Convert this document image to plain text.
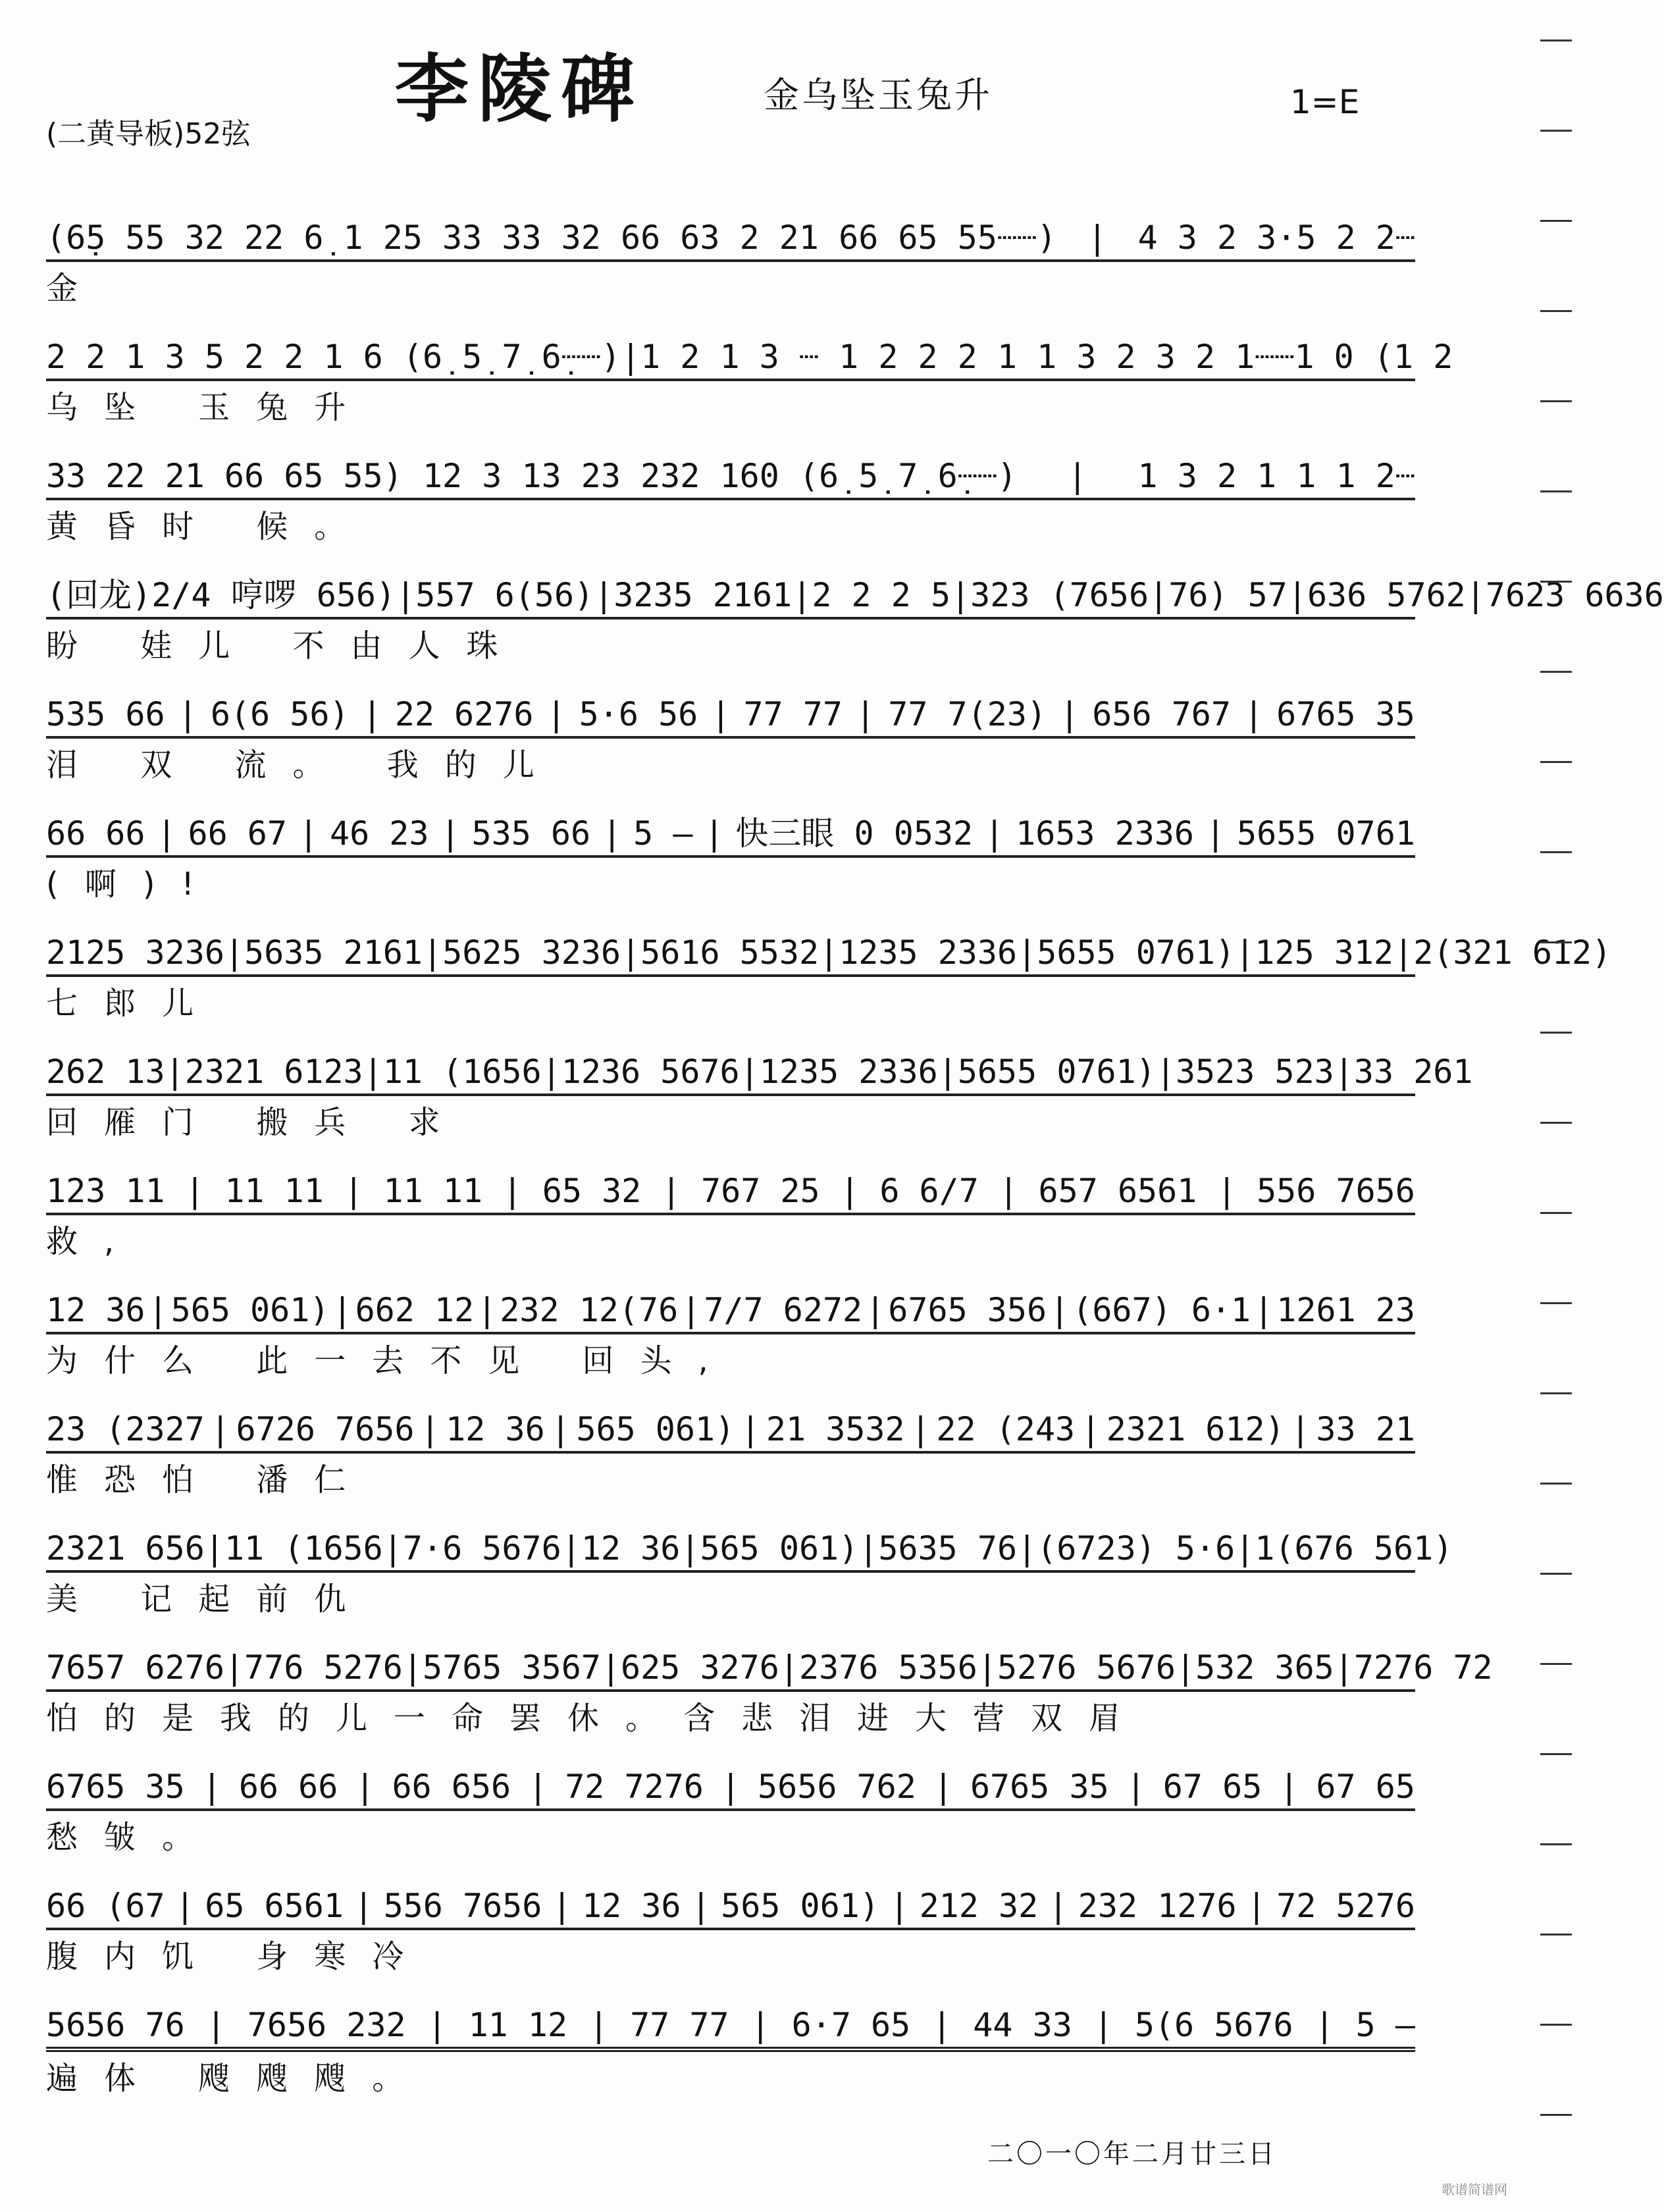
李陵碑	金乌坠玉兔升	1=E
(二黄导板)52弦
(6̣5 55 32 22 6̣ 1 25 33 33 32 66 63 2 21 66 65 55┈┈) | 4 3 2 3·5 2 2┈
金
2 2 1 3 5 2 2 1 6 (6̣ 5̣ 7̣ 6̣┈┈) | 1 2 1 3 ┈ 1 2 2 2 1 1 3 2 3 2 1┈┈1 0 (1 2
乌坠 玉兔升
33 22 21 66 65 55) 12 3 13 23 232 160 (6̣ 5̣ 7̣ 6̣┈┈) | 1 3 2 1 1 1 2┈
黄昏时 候。
(回龙)2/4 哼啰 656) | 557 6(56) | 3235 2161 | 2 2 2 5 | 323 (7656 | 76) 57 | 636 5762 | 7623 6636
盼 娃儿 不由人珠
535 66 | 6(6 56) | 22 6276 | 5·6 56 | 77 77 | 77 7(23) | 656 767 | 6765 35
泪 双 流。 我的儿
66 66 | 66 67 | 46 23 | 535 66 | 5 – | 快三眼 0 0532 | 1653 2336 | 5655 0761
(啊)!
2125 3236 | 5635 2161 | 5625 3236 | 5616 5532 | 1235 2336 | 5655 0761) | 125 312 | 2(321 612)
七郎儿
262 13 | 2321 6123 | 11 (1656 | 1236 5676 | 1235 2336 | 5655 0761) | 3523 523 | 33 261
回雁门 搬兵 求
123 11 | 11 11 | 11 11 | 65 32 | 767 25 | 6 6/7 | 657 6561 | 556 7656
救,
12 36 | 565 061) | 662 12 | 232 12(76 | 7/7 6272 | 6765 356 | (667) 6·1 | 1261 23
为什么 此一去不见 回头,
23 (2327 | 6726 7656 | 12 36 | 565 061) | 21 3532 | 22 (243 | 2321 612) | 33 21
惟恐怕 潘仁
2321 656 | 11 (1656 | 7·6 5676 | 12 36 | 565 061) | 5635 76 | (6723) 5·6 | 1(676 561)
美 记起前仇
7657 6276 | 776 5276 | 5765 3567 | 625 3276 | 2376 5356 | 5276 5676 | 532 365 | 7276 72
怕的是我的儿一命罢休。含悲泪进大营双眉
6765 35 | 66 66 | 66 656 | 72 7276 | 5656 762 | 6765 35 | 67 65 | 67 65
愁皱。
66 (67 | 65 6561 | 556 7656 | 12 36 | 565 061) | 212 32 | 232 1276 | 72 5276
腹内饥 身寒冷
5656 76 | 7656 232 | 11 12 | 77 77 | 6·7 65 | 44 33 | 5(6 5676 | 5 –
遍体 飕飕飕。
二〇一〇年二月廿三日
歌谱简谱网
